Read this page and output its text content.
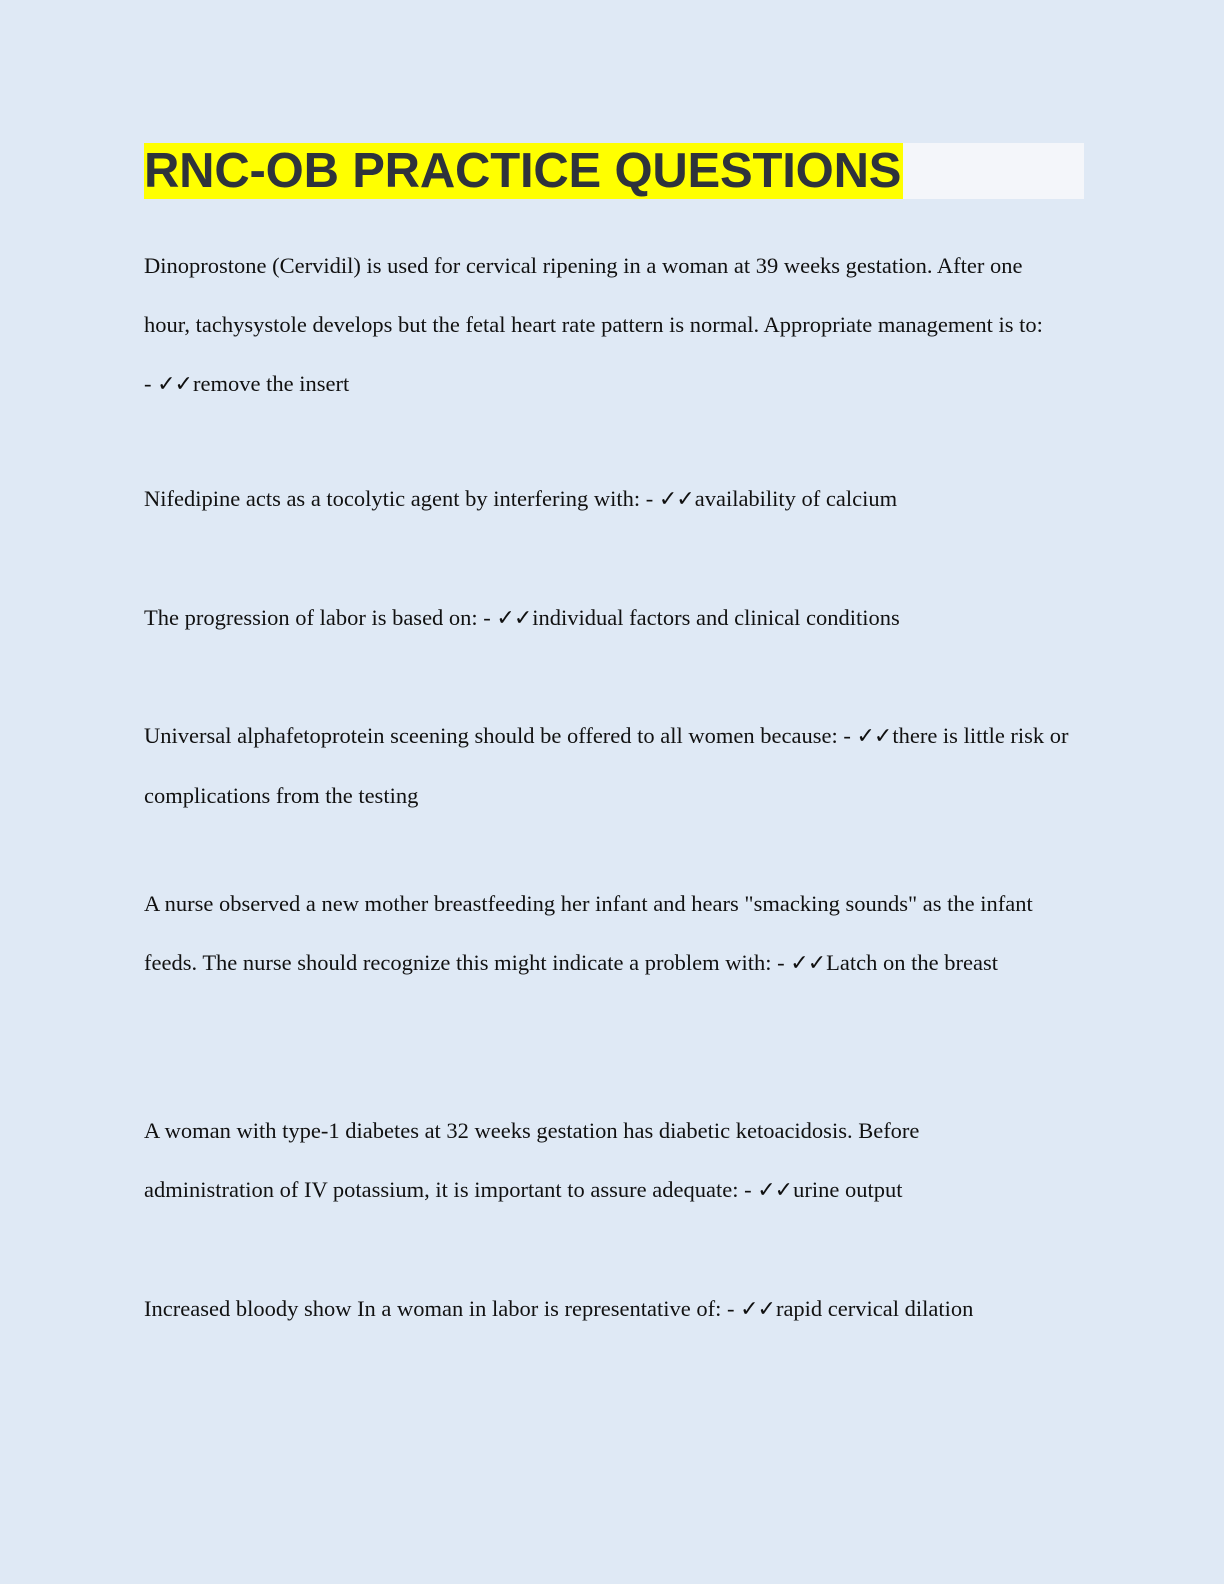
RNC-OB PRACTICE QUESTIONS

Dinoprostone (Cervidil) is used for cervical ripening in a woman at 39 weeks gestation. After one hour, tachysystole develops but the fetal heart rate pattern is normal. Appropriate management is to: - ✓✓remove the insert

Nifedipine acts as a tocolytic agent by interfering with: - ✓✓availability of calcium

The progression of labor is based on: - ✓✓individual factors and clinical conditions

Universal alphafetoprotein sceening should be offered to all women because: - ✓✓there is little risk or complications from the testing

A nurse observed a new mother breastfeeding her infant and hears "smacking sounds" as the infant feeds. The nurse should recognize this might indicate a problem with: - ✓✓Latch on the breast

A woman with type-1 diabetes at 32 weeks gestation has diabetic ketoacidosis. Before administration of IV potassium, it is important to assure adequate: - ✓✓urine output

Increased bloody show In a woman in labor is representative of: - ✓✓rapid cervical dilation
